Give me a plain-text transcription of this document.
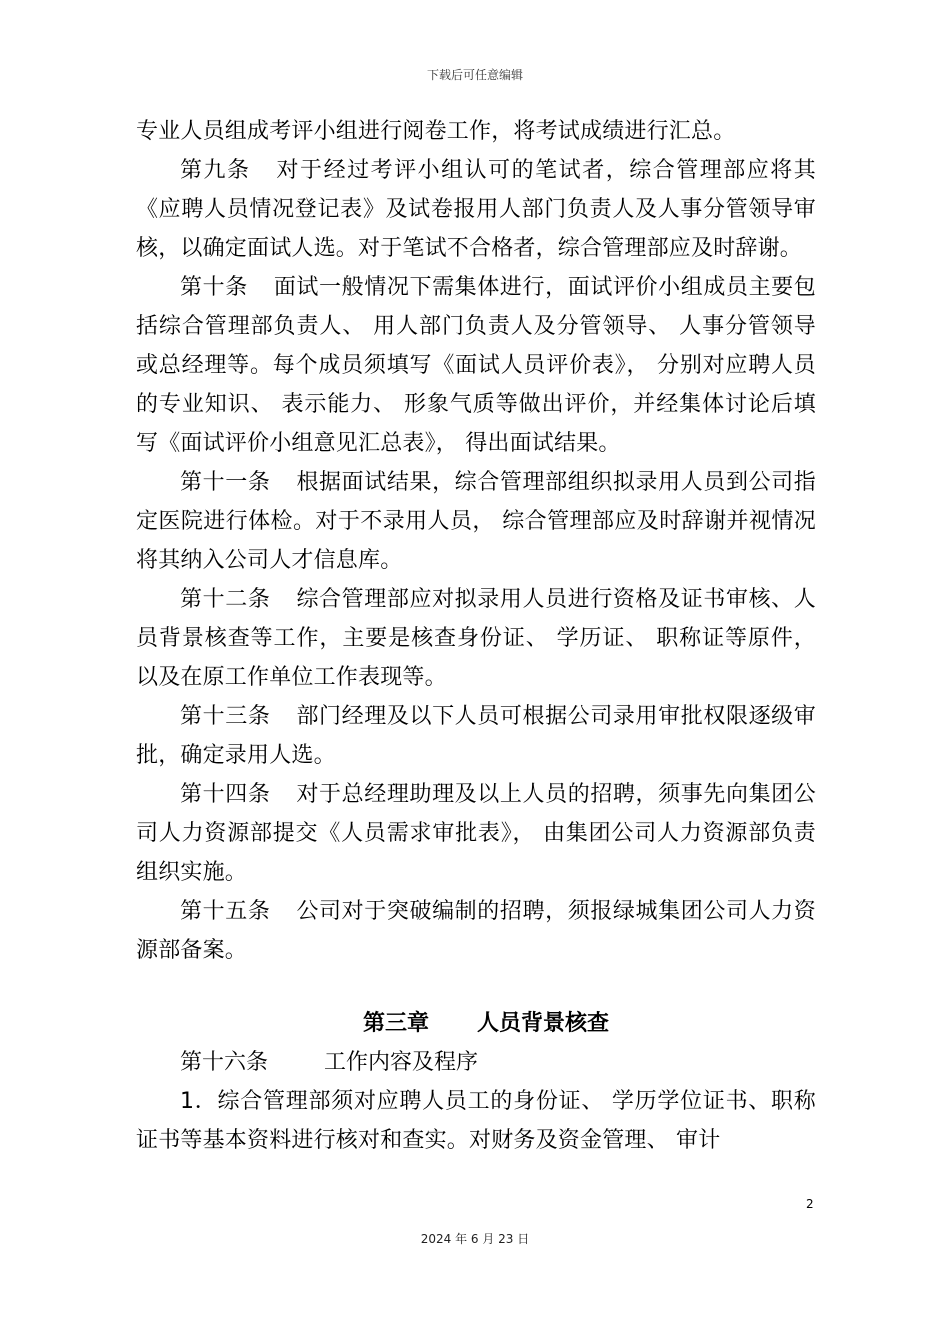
下载后可任意编辑

专业人员组成考评小组进行阅卷工作，将考试成绩进行汇总。

第九条 对于经过考评小组认可的笔试者，综合管理部应将其《应聘人员情况登记表》及试卷报用人部门负责人及人事分管领导审核，以确定面试人选。对于笔试不合格者，综合管理部应及时辞谢。

第十条 面试一般情况下需集体进行，面试评价小组成员主要包括综合管理部负责人、 用人部门负责人及分管领导、 人事分管领导或总经理等。每个成员须填写《面试人员评价表》， 分别对应聘人员的专业知识、 表示能力、 形象气质等做出评价，并经集体讨论后填写《面试评价小组意见汇总表》， 得出面试结果。

第十一条 根据面试结果，综合管理部组织拟录用人员到公司指定医院进行体检。对于不录用人员， 综合管理部应及时辞谢并视情况将其纳入公司人才信息库。

第十二条 综合管理部应对拟录用人员进行资格及证书审核、人员背景核查等工作，主要是核查身份证、 学历证、 职称证等原件，以及在原工作单位工作表现等。

第十三条 部门经理及以下人员可根据公司录用审批权限逐级审批，确定录用人选。

第十四条 对于总经理助理及以上人员的招聘，须事先向集团公司人力资源部提交《人员需求审批表》， 由集团公司人力资源部负责组织实施。

第十五条 公司对于突破编制的招聘，须报绿城集团公司人力资源部备案。

第三章 人员背景核查

第十六条	工作内容及程序

1．综合管理部须对应聘人员工的身份证、 学历学位证书、职称证书等基本资料进行核对和查实。对财务及资金管理、 审计

2
2024 年 6 月 23 日
